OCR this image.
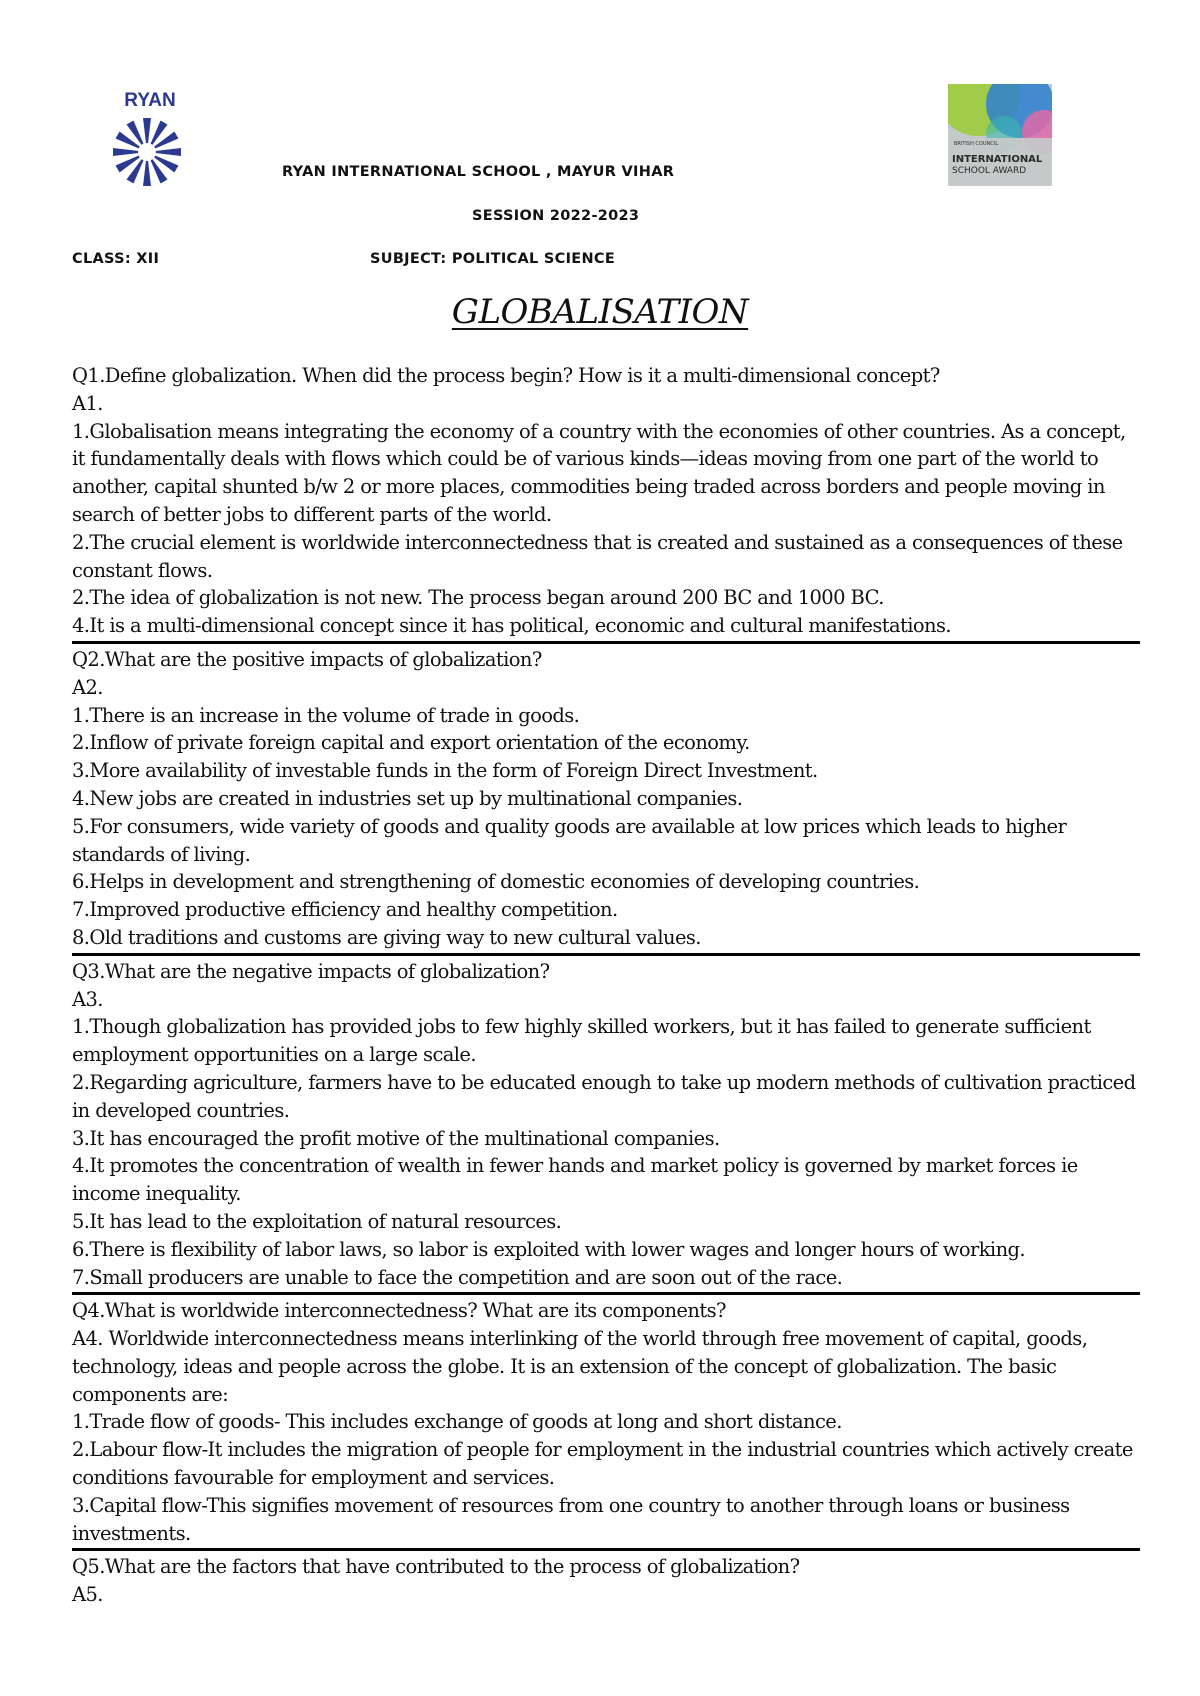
RYAN
BRITISH COUNCIL
INTERNATIONAL
SCHOOL AWARD
RYAN INTERNATIONAL SCHOOL , MAYUR VIHAR
SESSION 2022-2023
CLASS: XII	SUBJECT: POLITICAL SCIENCE
GLOBALISATION

Q1.Define globalization. When did the process begin? How is it a multi-dimensional concept?

A1.

1.Globalisation means integrating the economy of a country with the economies of other countries. As a concept, it fundamentally deals with flows which could be of various kinds—ideas moving from one part of the world to another, capital shunted b/w 2 or more places, commodities being traded across borders and people moving in search of better jobs to different parts of the world.

2.The crucial element is worldwide interconnectedness that is created and sustained as a consequences of these constant flows.

2.The idea of globalization is not new. The process began around 200 BC and 1000 BC.

4.It is a multi-dimensional concept since it has political, economic and cultural manifestations.

Q2.What are the positive impacts of globalization?

A2.

1.There is an increase in the volume of trade in goods.

2.Inflow of private foreign capital and export orientation of the economy.

3.More availability of investable funds in the form of Foreign Direct Investment.

4.New jobs are created in industries set up by multinational companies.

5.For consumers, wide variety of goods and quality goods are available at low prices which leads to higher standards of living.

6.Helps in development and strengthening of domestic economies of developing countries.

7.Improved productive efficiency and healthy competition.

8.Old traditions and customs are giving way to new cultural values.

Q3.What are the negative impacts of globalization?

A3.

1.Though globalization has provided jobs to few highly skilled workers, but it has failed to generate sufficient employment opportunities on a large scale.

2.Regarding agriculture, farmers have to be educated enough to take up modern methods of cultivation practiced in developed countries.

3.It has encouraged the profit motive of the multinational companies.

4.It promotes the concentration of wealth in fewer hands and market policy is governed by market forces ie income inequality.

5.It has lead to the exploitation of natural resources.

6.There is flexibility of labor laws, so labor is exploited with lower wages and longer hours of working.

7.Small producers are unable to face the competition and are soon out of the race.

Q4.What is worldwide interconnectedness? What are its components?

A4. Worldwide interconnectedness means interlinking of the world through free movement of capital, goods, technology, ideas and people across the globe. It is an extension of the concept of globalization. The basic components are:

1.Trade flow of goods- This includes exchange of goods at long and short distance.

2.Labour flow-It includes the migration of people for employment in the industrial countries which actively create conditions favourable for employment and services.

3.Capital flow-This signifies movement of resources from one country to another through loans or business investments.

Q5.What are the factors that have contributed to the process of globalization?

A5.
